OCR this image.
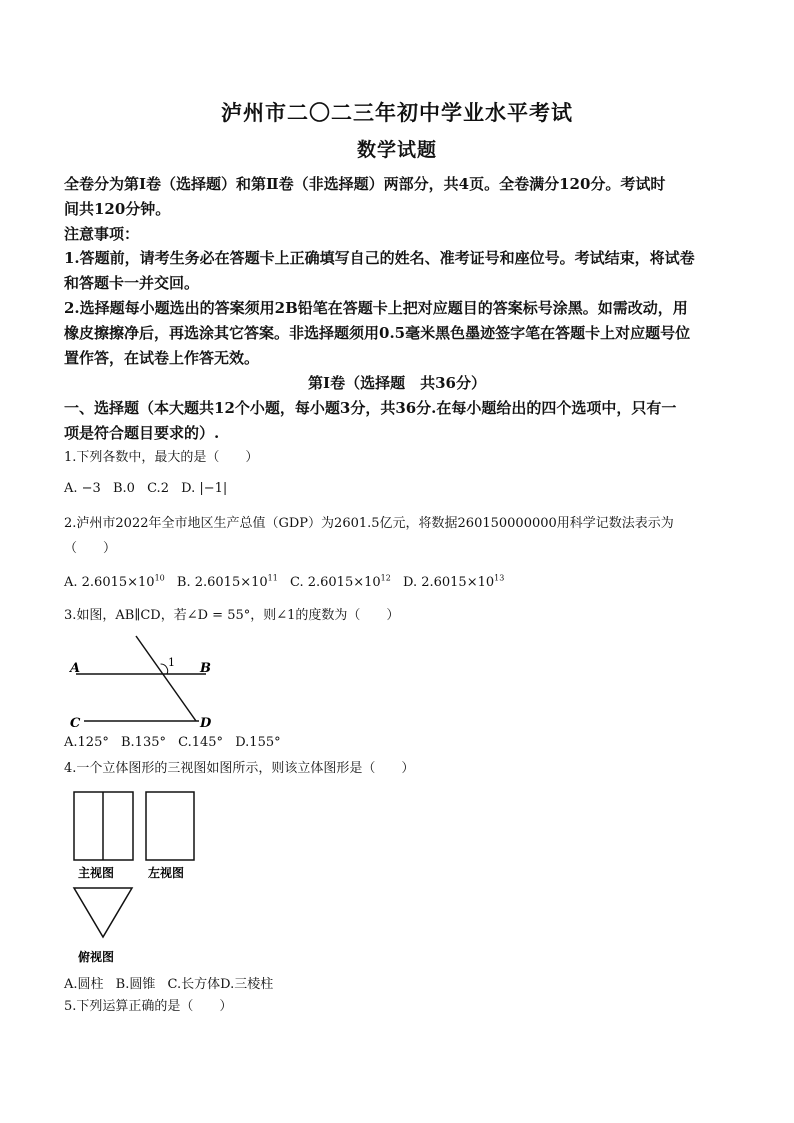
泸州市二〇二三年初中学业水平考试
数学试题
全卷分为第Ⅰ卷（选择题）和第Ⅱ卷（非选择题）两部分，共4页。全卷满分120分。考试时
间共120分钟。
注意事项：
1.答题前，请考生务必在答题卡上正确填写自己的姓名、准考证号和座位号。考试结束，将试卷
和答题卡一并交回。
2.选择题每小题选出的答案须用2B铅笔在答题卡上把对应题目的答案标号涂黑。如需改动，用
橡皮擦擦净后，再选涂其它答案。非选择题须用0.5毫米黑色墨迹签字笔在答题卡上对应题号位
置作答，在试卷上作答无效。
第Ⅰ卷（选择题　共36分）
一、选择题（本大题共12个小题，每小题3分，共36分.在每小题给出的四个选项中，只有一
项是符合题目要求的）.
1.下列各数中，最大的是（　　）
A. −3 B.0 C.2 D. |−1|
2.泸州市2022年全市地区生产总值（GDP）为2601.5亿元，将数据260150000000用科学记数法表示为
（　　）
A. $2.6015\times 10^{10}$ B. $2.6015\times 10^{11}$ C. $2.6015\times 10^{12}$ D. $2.6015\times 10^{13}$
3.如图，AB∥CD，若∠D = 55°，则∠1的度数为（　　）
A	B
C	D
1
A.125° B.135° C.145° D.155°
4.一个立体图形的三视图如图所示，则该立体图形是（　　）
主视图	左视图
俯视图
A.圆柱 B.圆锥 C.长方体D.三棱柱
5.下列运算正确的是（　　）
